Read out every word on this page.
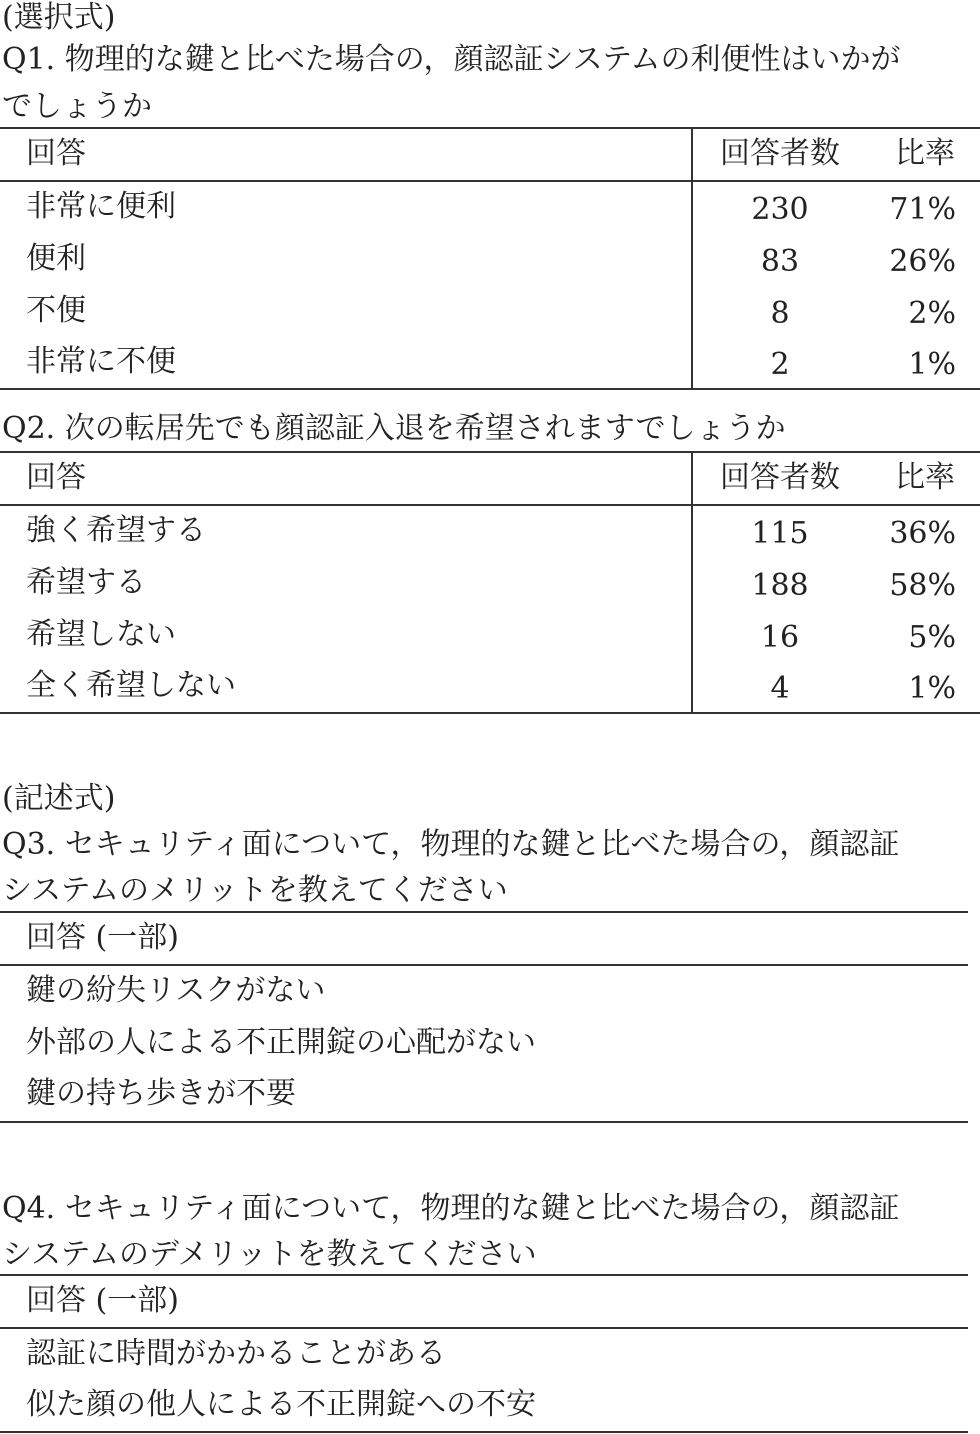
(選択式)
Q1. 物理的な鍵と比べた場合の，顔認証システムの利便性はいかが
でしょうか
回答	回答者数	比率
非常に便利	230	71%
便利	83	26%
不便	8	2%
非常に不便	2	1%
Q2. 次の転居先でも顔認証入退を希望されますでしょうか
回答	回答者数	比率
強く希望する	115	36%
希望する	188	58%
希望しない	16	5%
全く希望しない	4	1%
(記述式)
Q3. セキュリティ面について，物理的な鍵と比べた場合の，顔認証
システムのメリットを教えてください
回答 (一部)
鍵の紛失リスクがない
外部の人による不正開錠の心配がない
鍵の持ち歩きが不要
Q4. セキュリティ面について，物理的な鍵と比べた場合の，顔認証
システムのデメリットを教えてください
回答 (一部)
認証に時間がかかることがある
似た顔の他人による不正開錠への不安
